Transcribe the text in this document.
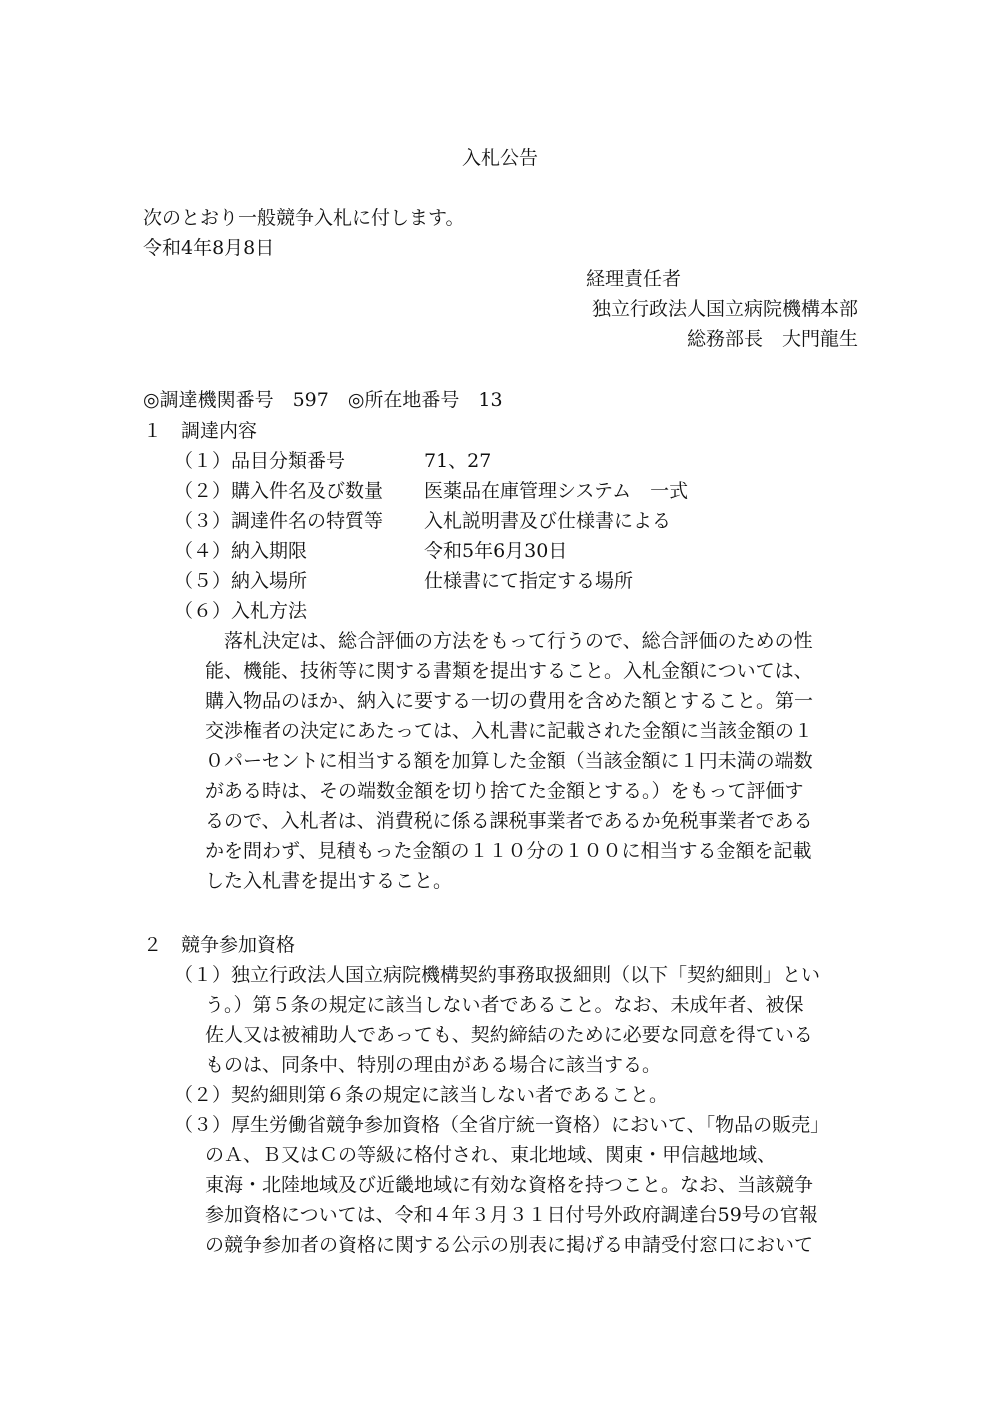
入札公告
次のとおり一般競争入札に付します。
令和4年8月8日
経理責任者
独立行政法人国立病院機構本部
総務部長　大門龍生
◎調達機関番号　597　◎所在地番号　13
１　調達内容
（１）品目分類番号	71、27
（２）購入件名及び数量 医薬品在庫管理システム　一式
（３）調達件名の特質等 入札説明書及び仕様書による
（４）納入期限	令和5年6月30日
（５）納入場所	仕様書にて指定する場所
（６）入札方法
　落札決定は、総合評価の方法をもって行うので、総合評価のための性
能、機能、技術等に関する書類を提出すること。入札金額については、
購入物品のほか、納入に要する一切の費用を含めた額とすること。第一
交渉権者の決定にあたっては、入札書に記載された金額に当該金額の１
０パーセントに相当する額を加算した金額（当該金額に１円未満の端数
がある時は、その端数金額を切り捨てた金額とする。）をもって評価す
るので、入札者は、消費税に係る課税事業者であるか免税事業者である
かを問わず、見積もった金額の１１０分の１００に相当する金額を記載
した入札書を提出すること。
２　競争参加資格
（１）独立行政法人国立病院機構契約事務取扱細則（以下「契約細則」とい
う。）第５条の規定に該当しない者であること。なお、未成年者、被保
佐人又は被補助人であっても、契約締結のために必要な同意を得ている
ものは、同条中、特別の理由がある場合に該当する。
（２）契約細則第６条の規定に該当しない者であること。
（３）厚生労働省競争参加資格（全省庁統一資格）において、「物品の販売」
のＡ、Ｂ又はＣの等級に格付され、東北地域、関東・甲信越地域、
東海・北陸地域及び近畿地域に有効な資格を持つこと。なお、当該競争
参加資格については、令和４年３月３１日付号外政府調達台59号の官報
の競争参加者の資格に関する公示の別表に掲げる申請受付窓口において
